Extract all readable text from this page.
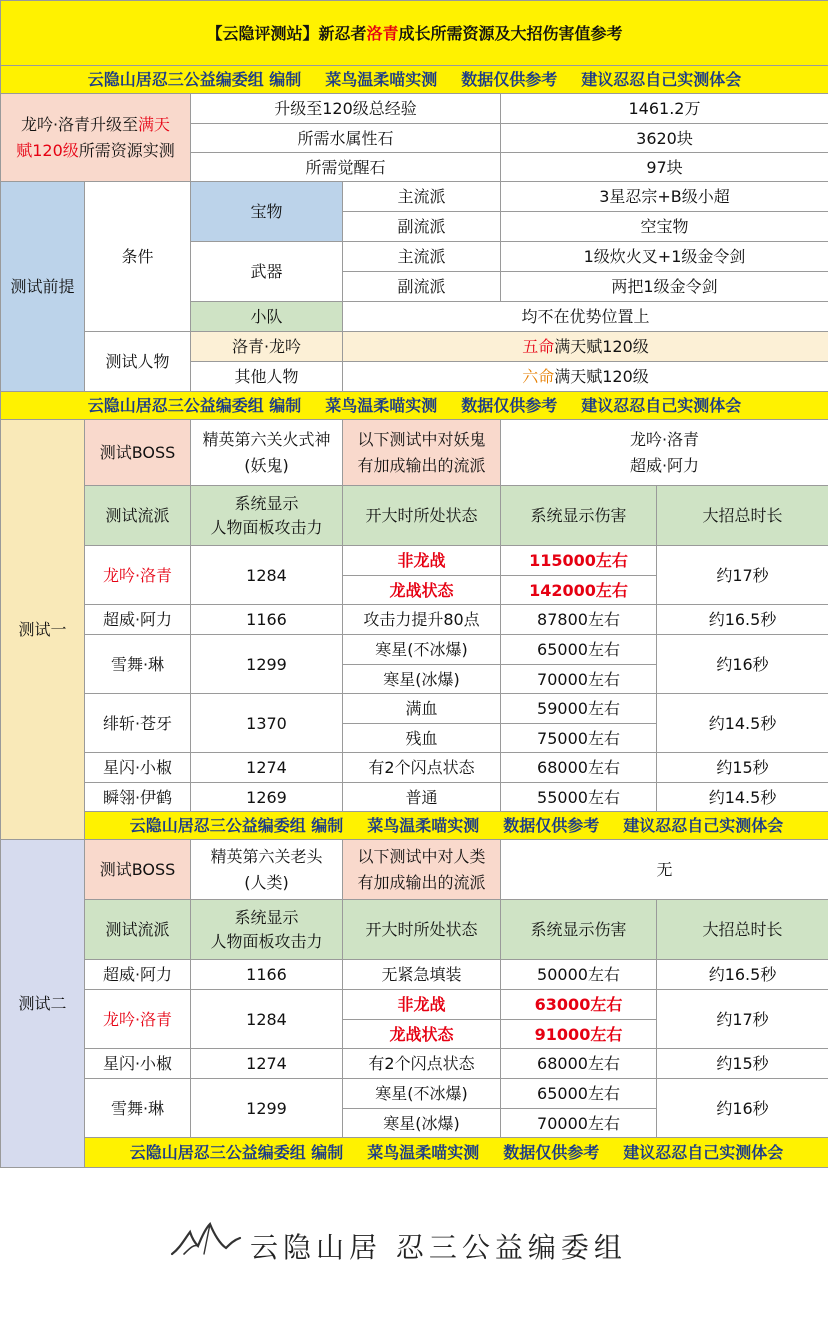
【云隐评测站】新忍者洛青成长所需资源及大招伤害值参考					
云隐山居忍三公益编委组 编制 菜鸟温柔喵实测 数据仅供参考 建议忍忍自己实测体会					
龙吟·洛青升级至满天
赋120级所需资源实测		升级至120级总经验		1461.2万	
		所需水属性石		3620块	
		所需觉醒石		97块	
测试前提	条件	宝物	主流派	3星忍宗+B级小超	
			副流派	空宝物	
		武器	主流派	1级炊火叉+1级金令剑	
			副流派	两把1级金令剑	
		小队	均不在优势位置上		
	测试人物	洛青·龙吟	五命满天赋120级		
		其他人物	六命满天赋120级		
云隐山居忍三公益编委组 编制 菜鸟温柔喵实测 数据仅供参考 建议忍忍自己实测体会					
测试一	测试BOSS	精英第六关火式神
(妖鬼)	以下测试中对妖鬼
有加成输出的流派	龙吟·洛青
超威·阿力	
	测试流派	系统显示
人物面板攻击力	开大时所处状态	系统显示伤害	大招总时长
	龙吟·洛青	1284	非龙战	115000左右	约17秒
			龙战状态	142000左右	
	超威·阿力	1166	攻击力提升80点	87800左右	约16.5秒
	雪舞·琳	1299	寒星(不冰爆)	65000左右	约16秒
			寒星(冰爆)	70000左右	
	绯斩·苍牙	1370	满血	59000左右	约14.5秒
			残血	75000左右	
	星闪·小椒	1274	有2个闪点状态	68000左右	约15秒
	瞬翎·伊鹤	1269	普通	55000左右	约14.5秒
	云隐山居忍三公益编委组 编制 菜鸟温柔喵实测 数据仅供参考 建议忍忍自己实测体会				
测试二	测试BOSS	精英第六关老头
(人类)	以下测试中对人类
有加成输出的流派	无	
	测试流派	系统显示
人物面板攻击力	开大时所处状态	系统显示伤害	大招总时长
	超威·阿力	1166	无紧急填装	50000左右	约16.5秒
	龙吟·洛青	1284	非龙战	63000左右	约17秒
			龙战状态	91000左右	
	星闪·小椒	1274	有2个闪点状态	68000左右	约15秒
	雪舞·琳	1299	寒星(不冰爆)	65000左右	约16秒
			寒星(冰爆)	70000左右	
	云隐山居忍三公益编委组 编制 菜鸟温柔喵实测 数据仅供参考 建议忍忍自己实测体会				
云隐山居 忍三公益编委组
